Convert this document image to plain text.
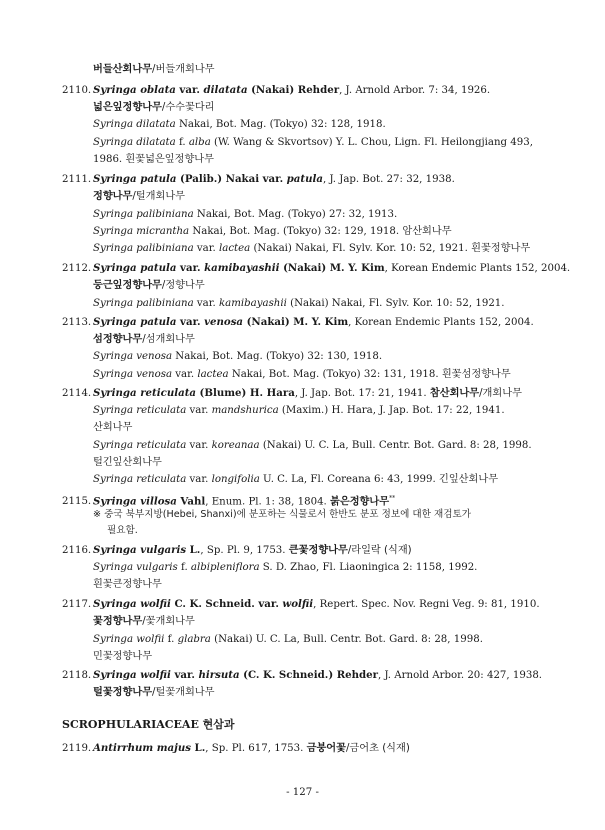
버들산회나무/버들개회나무
2110. Syringa oblata var. dilatata (Nakai) Rehder, J. Arnold Arbor. 7: 34, 1926.
넓은잎정향나무/수수꽃다리
Syringa dilatata Nakai, Bot. Mag. (Tokyo) 32: 128, 1918.
Syringa dilatata f. alba (W. Wang & Skvortsov) Y. L. Chou, Lign. Fl. Heilongjiang 493,
1986. 흰꽃넓은잎정향나무
2111. Syringa patula (Palib.) Nakai var. patula, J. Jap. Bot. 27: 32, 1938.
정향나무/털개회나무
Syringa palibiniana Nakai, Bot. Mag. (Tokyo) 27: 32, 1913.
Syringa micrantha Nakai, Bot. Mag. (Tokyo) 32: 129, 1918. 암산회나무
Syringa palibiniana var. lactea (Nakai) Nakai, Fl. Sylv. Kor. 10: 52, 1921. 흰꽃정향나무
2112. Syringa patula var. kamibayashii (Nakai) M. Y. Kim, Korean Endemic Plants 152, 2004.
둥근잎정향나무/정향나무
Syringa palibiniana var. kamibayashii (Nakai) Nakai, Fl. Sylv. Kor. 10: 52, 1921.
2113. Syringa patula var. venosa (Nakai) M. Y. Kim, Korean Endemic Plants 152, 2004.
섬정향나무/섬개회나무
Syringa venosa Nakai, Bot. Mag. (Tokyo) 32: 130, 1918.
Syringa venosa var. lactea Nakai, Bot. Mag. (Tokyo) 32: 131, 1918. 흰꽃섬정향나무
2114. Syringa reticulata (Blume) H. Hara, J. Jap. Bot. 17: 21, 1941. 참산회나무/개회나무
Syringa reticulata var. mandshurica (Maxim.) H. Hara, J. Jap. Bot. 17: 22, 1941.
산회나무
Syringa reticulata var. koreanaa (Nakai) U. C. La, Bull. Centr. Bot. Gard. 8: 28, 1998.
털긴잎산회나무
Syringa reticulata var. longifolia U. C. La, Fl. Coreana 6: 43, 1999. 긴잎산회나무
2115. Syringa villosa Vahl, Enum. Pl. 1: 38, 1804. 붉은정향나무**
※ 중국 북부지방(Hebei, Shanxi)에 분포하는 식물로서 한반도 분포 정보에 대한 재검토가
필요함.
2116. Syringa vulgaris L., Sp. Pl. 9, 1753. 큰꽃정향나무/라일락 (식재)
Syringa vulgaris f. albipleniflora S. D. Zhao, Fl. Liaoningica 2: 1158, 1992.
흰꽃큰정향나무
2117. Syringa wolfii C. K. Schneid. var. wolfii, Repert. Spec. Nov. Regni Veg. 9: 81, 1910.
꽃정향나무/꽃개회나무
Syringa wolfii f. glabra (Nakai) U. C. La, Bull. Centr. Bot. Gard. 8: 28, 1998.
민꽃정향나무
2118. Syringa wolfii var. hirsuta (C. K. Schneid.) Rehder, J. Arnold Arbor. 20: 427, 1938.
털꽃정향나무/털꽃개회나무
SCROPHULARIACEAE 현삼과
2119. Antirrhum majus L., Sp. Pl. 617, 1753. 금붕어꽃/금어초 (식재)
- 127 -
